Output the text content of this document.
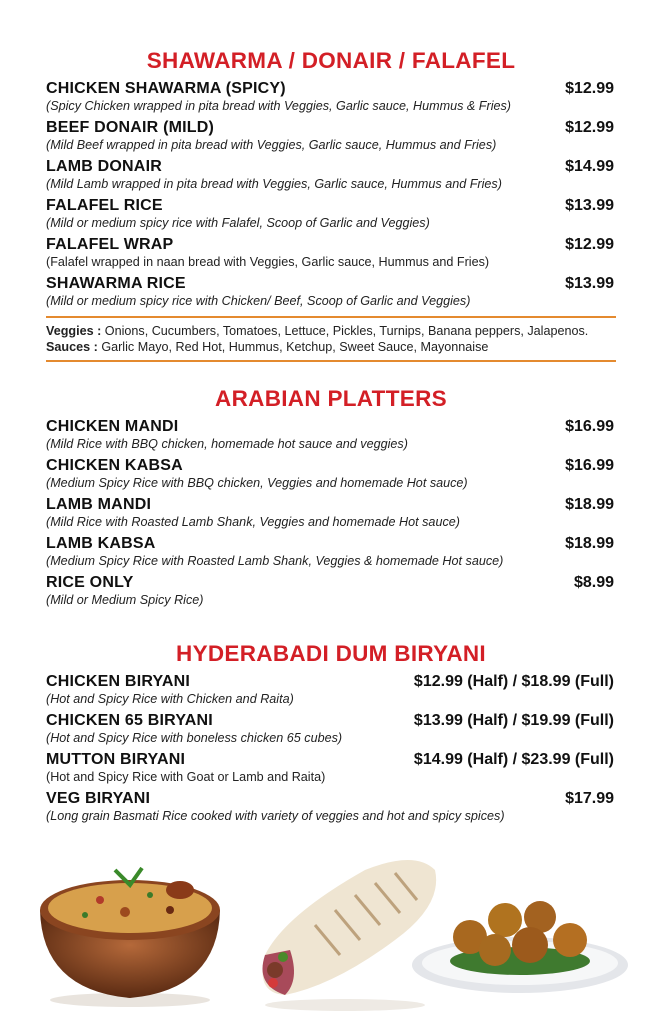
SHAWARMA / DONAIR / FALAFEL
CHICKEN SHAWARMA (SPICY)	$12.99
(Spicy Chicken wrapped in pita bread with Veggies, Garlic sauce, Hummus & Fries)
BEEF DONAIR (MILD)	$12.99
(Mild Beef wrapped in pita bread with Veggies, Garlic sauce, Hummus and Fries)
LAMB DONAIR	$14.99
(Mild Lamb wrapped in pita bread with Veggies, Garlic sauce, Hummus and Fries)
FALAFEL RICE	$13.99
(Mild or medium spicy rice with Falafel, Scoop of Garlic and Veggies)
FALAFEL WRAP	$12.99
(Falafel wrapped in naan bread with Veggies, Garlic sauce, Hummus and Fries)
SHAWARMA RICE	$13.99
(Mild or medium spicy rice with Chicken/ Beef, Scoop of Garlic and Veggies)
Veggies : Onions, Cucumbers, Tomatoes, Lettuce, Pickles, Turnips, Banana peppers, Jalapenos.
Sauces : Garlic Mayo, Red Hot, Hummus, Ketchup, Sweet Sauce, Mayonnaise
ARABIAN PLATTERS
CHICKEN MANDI	$16.99
(Mild Rice with BBQ chicken, homemade hot sauce and veggies)
CHICKEN KABSA	$16.99
(Medium Spicy Rice with BBQ chicken, Veggies and homemade Hot sauce)
LAMB MANDI	$18.99
(Mild Rice with Roasted Lamb Shank, Veggies and homemade Hot sauce)
LAMB KABSA	$18.99
(Medium Spicy Rice with Roasted Lamb Shank, Veggies & homemade Hot sauce)
RICE ONLY	$8.99
(Mild or Medium Spicy Rice)
HYDERABADI DUM BIRYANI
CHICKEN BIRYANI	$12.99 (Half) / $18.99 (Full)
(Hot and Spicy Rice with Chicken and Raita)
CHICKEN 65 BIRYANI	$13.99 (Half) / $19.99 (Full)
(Hot and Spicy Rice with boneless chicken 65 cubes)
MUTTON BIRYANI	$14.99 (Half) / $23.99 (Full)
(Hot and Spicy Rice with Goat or Lamb and Raita)
VEG BIRYANI	$17.99
(Long grain Basmati Rice cooked with variety of veggies and hot and spicy spices)
